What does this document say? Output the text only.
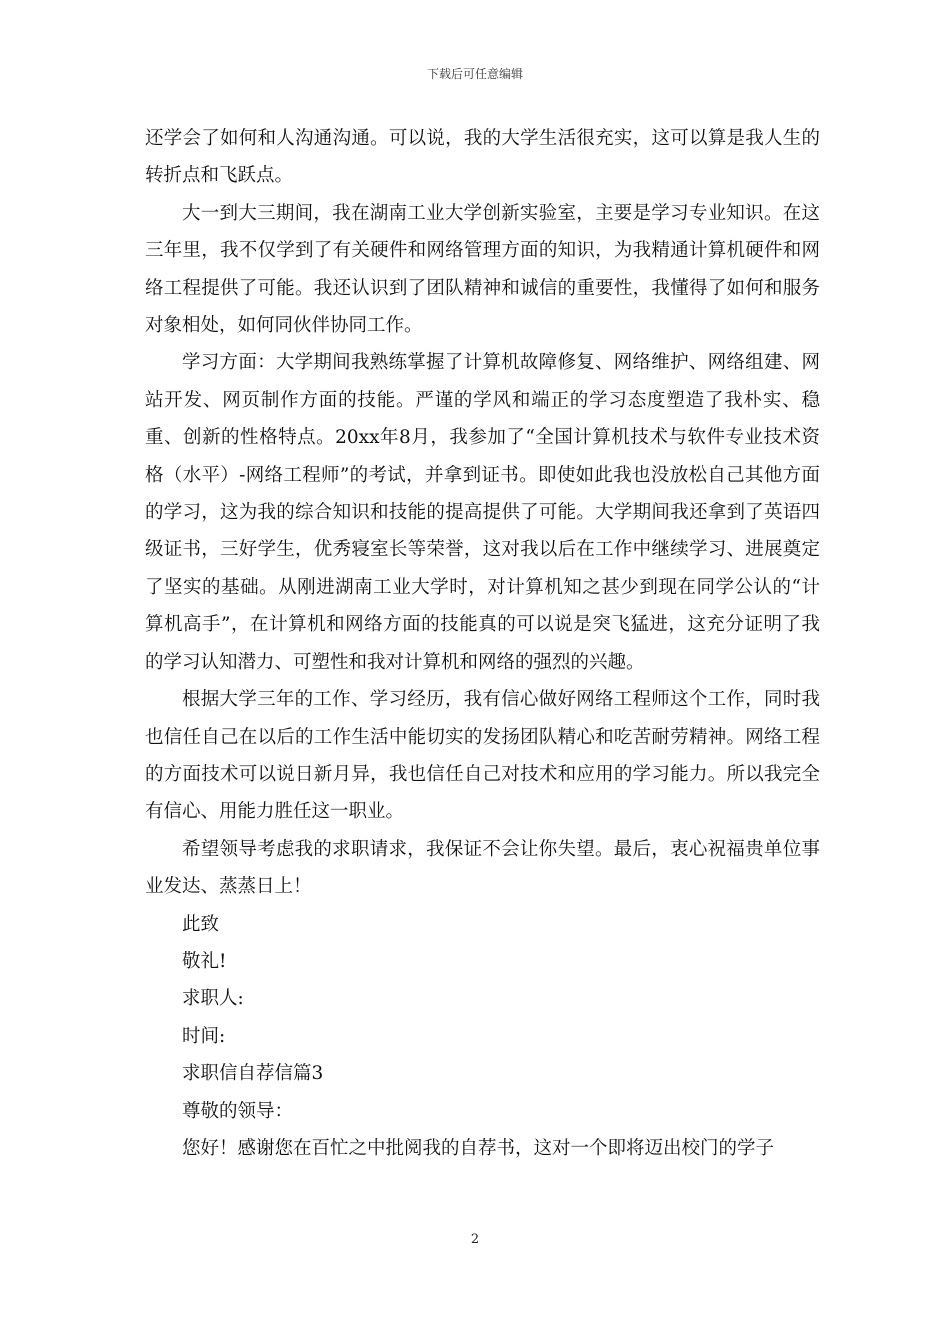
下载后可任意编辑

还学会了如何和人沟通沟通。可以说，我的大学生活很充实，这可以算是我人生的转折点和飞跃点。

大一到大三期间，我在湖南工业大学创新实验室，主要是学习专业知识。在这三年里，我不仅学到了有关硬件和网络管理方面的知识，为我精通计算机硬件和网络工程提供了可能。我还认识到了团队精神和诚信的重要性，我懂得了如何和服务对象相处，如何同伙伴协同工作。

学习方面：大学期间我熟练掌握了计算机故障修复、网络维护、网络组建、网站开发、网页制作方面的技能。严谨的学风和端正的学习态度塑造了我朴实、稳重、创新的性格特点。20xx年8月，我参加了“全国计算机技术与软件专业技术资格（水平）-网络工程师”的考试，并拿到证书。即使如此我也没放松自己其他方面的学习，这为我的综合知识和技能的提高提供了可能。大学期间我还拿到了英语四级证书，三好学生，优秀寝室长等荣誉，这对我以后在工作中继续学习、进展奠定了坚实的基础。从刚进湖南工业大学时，对计算机知之甚少到现在同学公认的“计算机高手”，在计算机和网络方面的技能真的可以说是突飞猛进，这充分证明了我的学习认知潜力、可塑性和我对计算机和网络的强烈的兴趣。

根据大学三年的工作、学习经历，我有信心做好网络工程师这个工作，同时我也信任自己在以后的工作生活中能切实的发扬团队精心和吃苦耐劳精神。网络工程的方面技术可以说日新月异，我也信任自己对技术和应用的学习能力。所以我完全有信心、用能力胜任这一职业。

希望领导考虑我的求职请求，我保证不会让你失望。最后，衷心祝福贵单位事业发达、蒸蒸日上！

此致

敬礼!

求职人:

时间:

求职信自荐信篇3

尊敬的领导：

您好！感谢您在百忙之中批阅我的自荐书，这对一个即将迈出校门的学子

2
